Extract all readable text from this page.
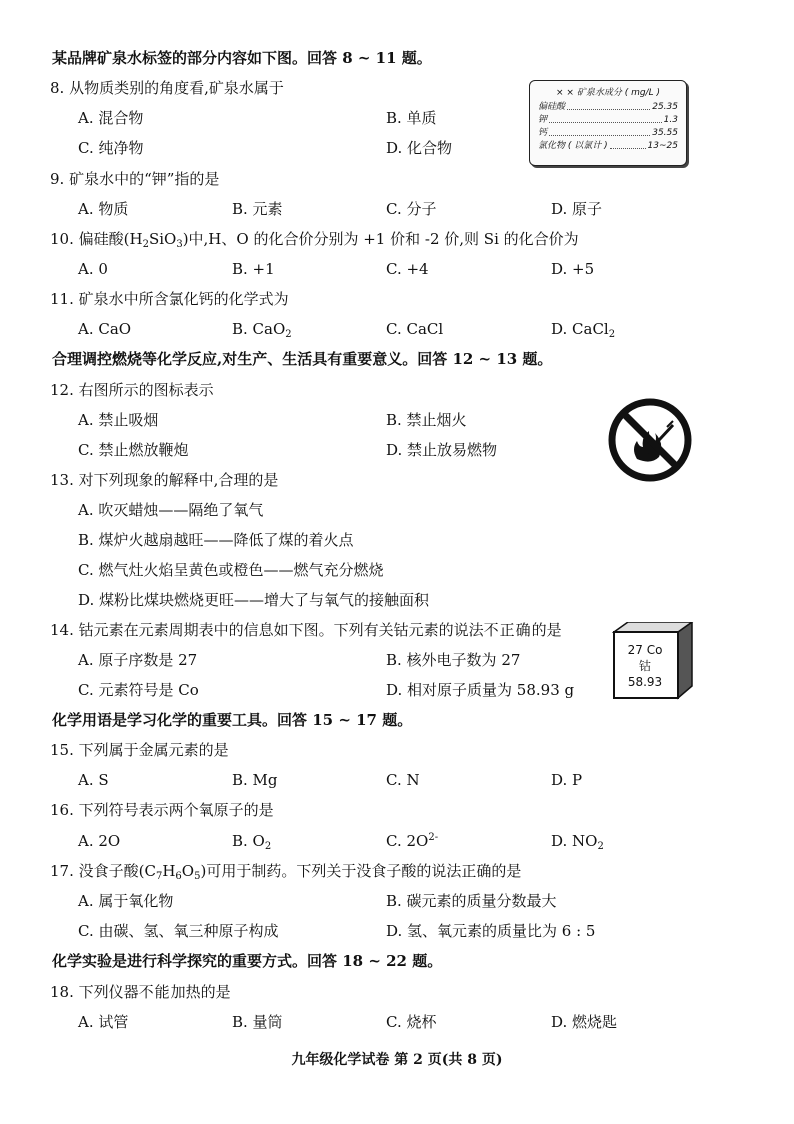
某品牌矿泉水标签的部分内容如下图。回答 8 ~ 11 题。
× × 矿泉水成分 ( mg/L )
偏硅酸	25.35
钾	1.3
钙	35.55
氯化物 ( 以氯计 )	13~25
8. 从物质类别的角度看,矿泉水属于
A. 混合物	B. 单质
C. 纯净物	D. 化合物
9. 矿泉水中的“钾”指的是
A. 物质	B. 元素	C. 分子	D. 原子
10. 偏硅酸$(H_2SiO_3)$中,H、O 的化合价分别为 +1 价和 -2 价,则 Si 的化合价为
A. 0	B. +1	C. +4	D. +5
11. 矿泉水中所含氯化钙的化学式为
A. CaO	B. CaO$_2$	C. CaCl	D. CaCl$_2$
合理调控燃烧等化学反应,对生产、生活具有重要意义。回答 12 ~ 13 题。
12. 右图所示的图标表示
A. 禁止吸烟	B. 禁止烟火
C. 禁止燃放鞭炮	D. 禁止放易燃物
13. 对下列现象的解释中,合理的是
A. 吹灭蜡烛——隔绝了氧气
B. 煤炉火越扇越旺——降低了煤的着火点
C. 燃气灶火焰呈黄色或橙色——燃气充分燃烧
D. 煤粉比煤块燃烧更旺——增大了与氧气的接触面积
14. 钴元素在元素周期表中的信息如下图。下列有关钴元素的说法不正确的是
A. 原子序数是 27	B. 核外电子数为 27
C. 元素符号是 Co	D. 相对原子质量为 58.93 g
27 Co
钴
58.93
化学用语是学习化学的重要工具。回答 15 ~ 17 题。
15. 下列属于金属元素的是
A. S	B. Mg	C. N	D. P
16. 下列符号表示两个氧原子的是
A. 2O	B. $O_2$	C. $2O^{2-}$	D. $NO_2$
17. 没食子酸$(C_7H_6O_5)$可用于制药。下列关于没食子酸的说法正确的是
A. 属于氧化物	B. 碳元素的质量分数最大
C. 由碳、氢、氧三种原子构成	D. 氢、氧元素的质量比为 6 : 5
化学实验是进行科学探究的重要方式。回答 18 ~ 22 题。
18. 下列仪器不能加热的是
A. 试管	B. 量筒	C. 烧杯	D. 燃烧匙
九年级化学试卷 第 2 页(共 8 页)
